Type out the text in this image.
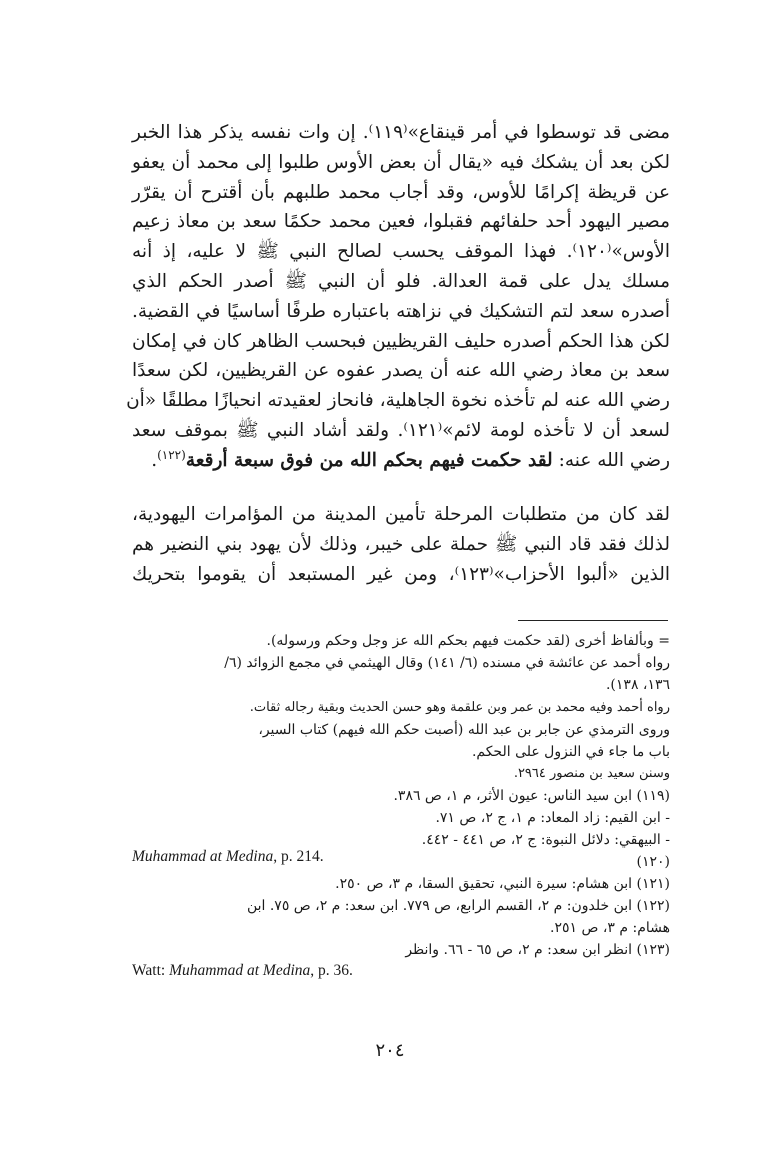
مضى قد توسطوا في أمر قينقاع»⁽١١٩⁾. إن وات نفسه يذكر هذا الخبر
لكن بعد أن يشكك فيه «يقال أن بعض الأوس طلبوا إلى محمد أن يعفو
عن قريظة إكرامًا للأوس، وقد أجاب محمد طلبهم بأن أقترح أن يقرّر
مصير اليهود أحد حلفائهم فقبلوا، فعين محمد حكمًا سعد بن معاذ زعيم
الأوس»⁽١٢٠⁾. فهذا الموقف يحسب لصالح النبي ﷺ لا عليه، إذ أنه
مسلك يدل على قمة العدالة. فلو أن النبي ﷺ أصدر الحكم الذي
أصدره سعد لتم التشكيك في نزاهته باعتباره طرفًا أساسيًا في القضية.
لكن هذا الحكم أصدره حليف القريظيين فبحسب الظاهر كان في إمكان
سعد بن معاذ رضي الله عنه أن يصدر عفوه عن القريظيين، لكن سعدًا
رضي الله عنه لم تأخذه نخوة الجاهلية، فانحاز لعقيدته انحيازًا مطلقًا «أن
لسعد أن لا تأخذه لومة لائم»⁽١٢١⁾. ولقد أشاد النبي ﷺ بموقف سعد
رضي الله عنه: لقد حكمت فيهم بحكم الله من فوق سبعة أرقعة$^{(١٢٢)}$.
لقد كان من متطلبات المرحلة تأمين المدينة من المؤامرات اليهودية،
لذلك فقد قاد النبي ﷺ حملة على خيبر، وذلك لأن يهود بني النضير هم
الذين «ألبوا الأحزاب»⁽١٢٣⁾، ومن غير المستبعد أن يقوموا بتحريك
= وبألفاظ أخرى (لقد حكمت فيهم بحكم الله عز وجل وحكم ورسوله).
رواه أحمد عن عائشة في مسنده (٦/ ١٤١) وقال الهيثمي في مجمع الزوائد (٦/
١٣٦، ١٣٨).
رواه أحمد وفيه محمد بن عمر وبن علقمة وهو حسن الحديث وبقية رجاله ثقات.
وروى الترمذي عن جابر بن عبد الله (أصبت حكم الله فيهم) كتاب السير،
باب ما جاء في النزول على الحكم.
وسنن سعيد بن منصور ٢٩٦٤.
(١١٩) ابن سيد الناس: عيون الأثر، م ١، ص ٣٨٦.
- ابن القيم: زاد المعاد: م ١، ج ٢، ص ٧١.
- البيهقي: دلائل النبوة: ج ٢، ص ٤٤١ - ٤٤٢.
(١٢٠)
Muhammad at Medina, p. 214.
(١٢١) ابن هشام: سيرة النبي، تحقيق السقا، م ٣، ص ٢٥٠.
(١٢٢) ابن خلدون: م ٢، القسم الرابع، ص ٧٧٩. ابن سعد: م ٢، ص ٧٥. ابن
هشام: م ٣، ص ٢٥١.
(١٢٣) انظر ابن سعد: م ٢، ص ٦٥ - ٦٦. وانظر
Watt: Muhammad at Medina, p. 36.
٢٠٤
